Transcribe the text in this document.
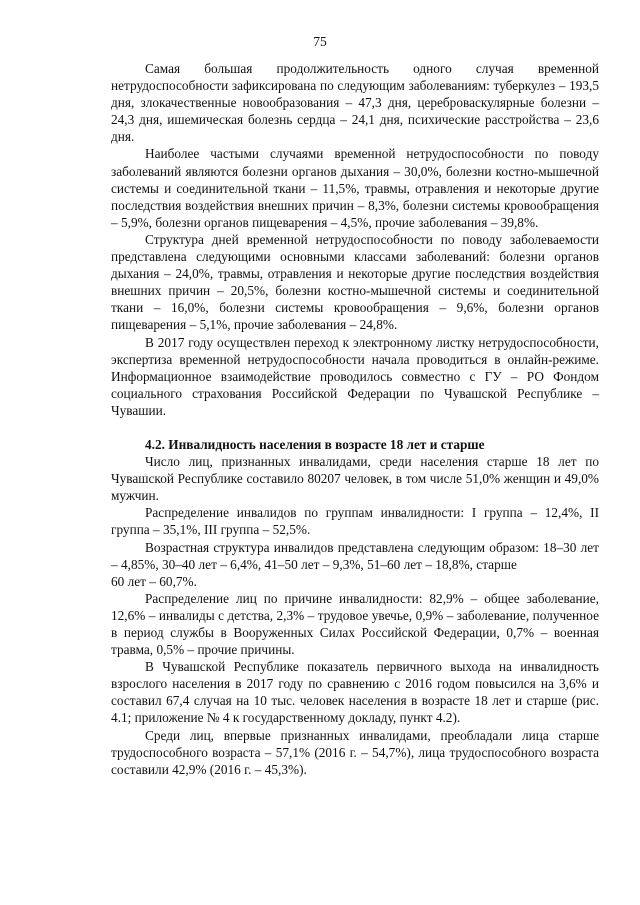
75

Самая большая продолжительность одного случая временной нетрудоспособности зафиксирована по следующим заболеваниям: туберкулез – 193,5 дня, злокачественные новообразования – 47,3 дня, цереброваскулярные болезни – 24,3 дня, ишемическая болезнь сердца – 24,1 дня, психические расстройства – 23,6 дня.

Наиболее частыми случаями временной нетрудоспособности по поводу заболеваний являются болезни органов дыхания – 30,0%, болезни костно-мышечной системы и соединительной ткани – 11,5%, травмы, отравления и некоторые другие последствия воздействия внешних причин – 8,3%, болезни системы кровообращения – 5,9%, болезни органов пищеварения – 4,5%, прочие заболевания – 39,8%.

Структура дней временной нетрудоспособности по поводу заболеваемости представлена следующими основными классами заболеваний: болезни органов дыхания – 24,0%, травмы, отравления и некоторые другие последствия воздействия внешних причин – 20,5%, болезни костно-мышечной системы и соединительной ткани – 16,0%, болезни системы кровообращения – 9,6%, болезни органов пищеварения – 5,1%, прочие заболевания – 24,8%.

В 2017 году осуществлен переход к электронному листку нетрудоспособности, экспертиза временной нетрудоспособности начала проводиться в онлайн-режиме. Информационное взаимодействие проводилось совместно с ГУ – РО Фондом социального страхования Российской Федерации по Чувашской Республике – Чувашии.

4.2. Инвалидность населения в возрасте 18 лет и старше

Число лиц, признанных инвалидами, среди населения старше 18 лет по Чувашской Республике составило 80207 человек, в том числе 51,0% женщин и 49,0% мужчин.

Распределение инвалидов по группам инвалидности: I группа – 12,4%, II группа – 35,1%, III группа – 52,5%.

Возрастная структура инвалидов представлена следующим образом: 18–30 лет – 4,85%, 30–40 лет – 6,4%, 41–50 лет – 9,3%, 51–60 лет – 18,8%, старше

60 лет – 60,7%.

Распределение лиц по причине инвалидности: 82,9% – общее заболевание, 12,6% – инвалиды с детства, 2,3% – трудовое увечье, 0,9% – заболевание, полученное в период службы в Вооруженных Силах Российской Федерации, 0,7% – военная травма, 0,5% – прочие причины.

В Чувашской Республике показатель первичного выхода на инвалидность взрослого населения в 2017 году по сравнению с 2016 годом повысился на 3,6% и составил 67,4 случая на 10 тыс. человек населения в возрасте 18 лет и старше (рис. 4.1; приложение № 4 к государственному докладу, пункт 4.2).

Среди лиц, впервые признанных инвалидами, преобладали лица старше трудоспособного возраста – 57,1% (2016 г. – 54,7%), лица трудоспособного возраста составили 42,9% (2016 г. – 45,3%).
